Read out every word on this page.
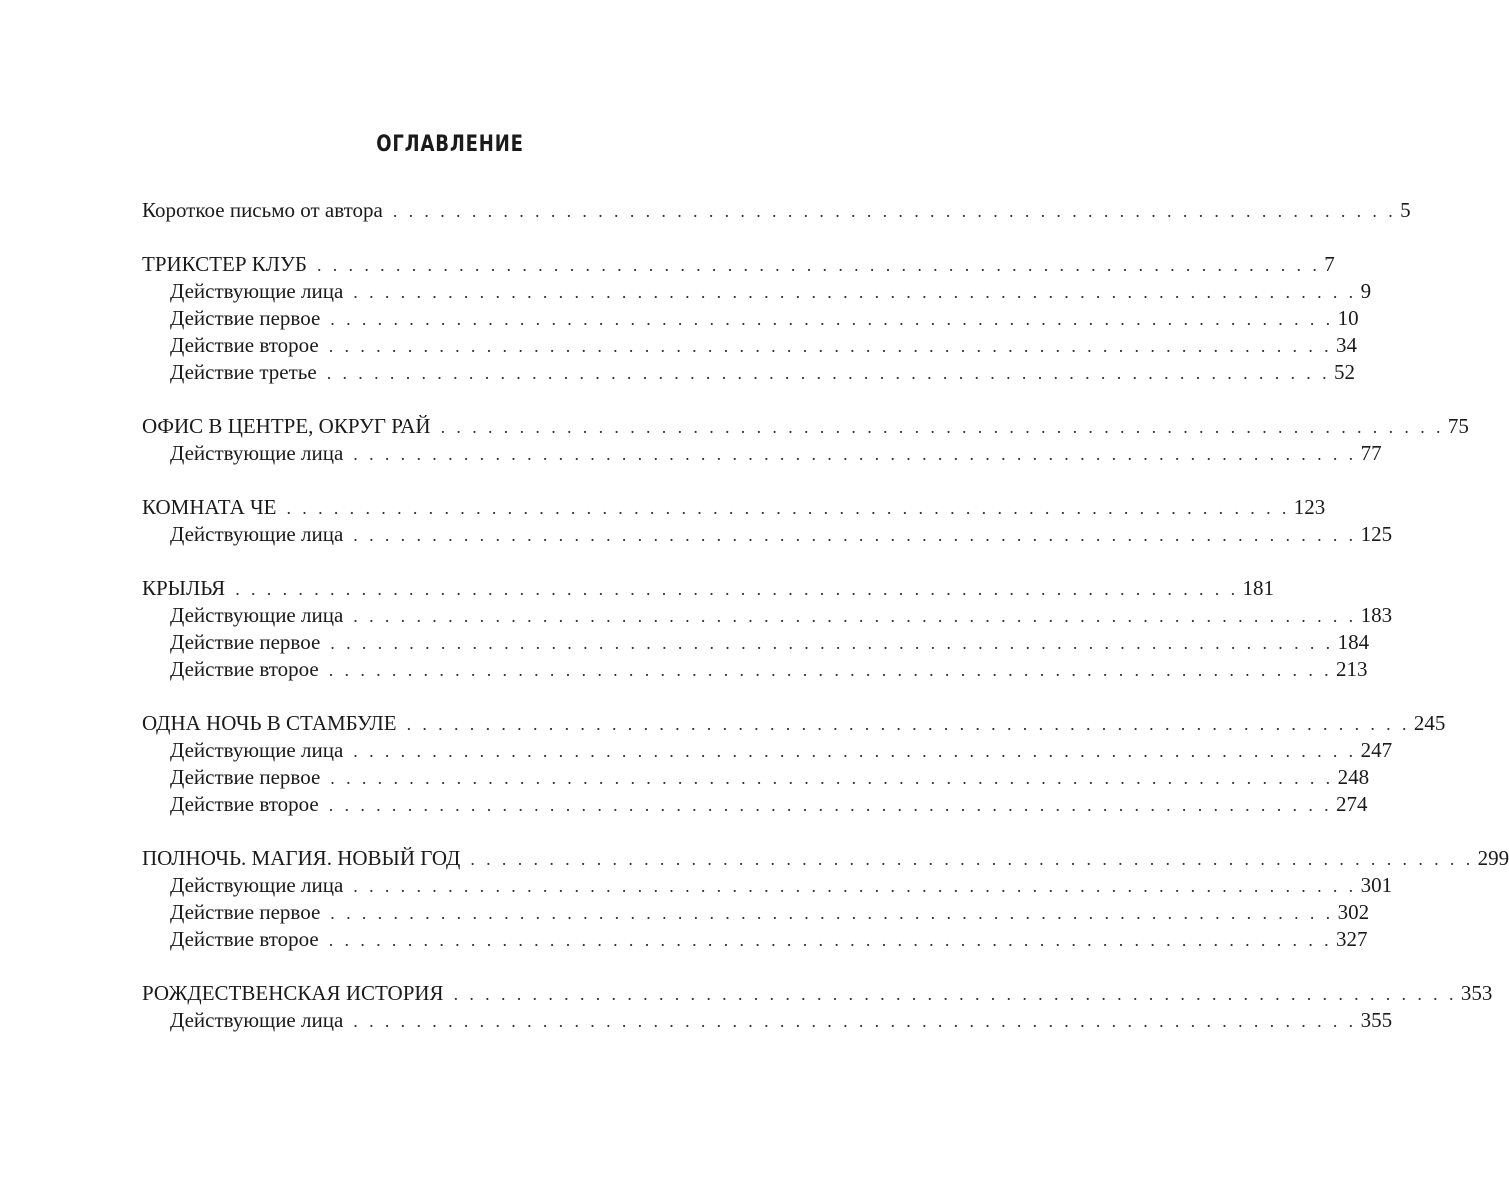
ОГЛАВЛЕНИЕ
Короткое письмо от автора . . . . . . . . . . . . . . . . . . . . . . . . . . . . . . . . . . . . . . . . . . . . . . . . . . . . . . . . . . . . . . . . 5
ТРИКСТЕР КЛУБ . . . . . . . . . . . . . . . . . . . . . . . . . . . . . . . . . . . . . . . . . . . . . . . . . . . . . . . . . . . . . . . . 7
Действующие лица . . . . . . . . . . . . . . . . . . . . . . . . . . . . . . . . . . . . . . . . . . . . . . . . . . . . . . . . . . . . . . . . 9
Действие первое . . . . . . . . . . . . . . . . . . . . . . . . . . . . . . . . . . . . . . . . . . . . . . . . . . . . . . . . . . . . . . . . 10
Действие второе . . . . . . . . . . . . . . . . . . . . . . . . . . . . . . . . . . . . . . . . . . . . . . . . . . . . . . . . . . . . . . . . 34
Действие третье . . . . . . . . . . . . . . . . . . . . . . . . . . . . . . . . . . . . . . . . . . . . . . . . . . . . . . . . . . . . . . . . 52
ОФИС В ЦЕНТРЕ, ОКРУГ РАЙ . . . . . . . . . . . . . . . . . . . . . . . . . . . . . . . . . . . . . . . . . . . . . . . . . . . . . . . . . . . . . . . . 75
Действующие лица . . . . . . . . . . . . . . . . . . . . . . . . . . . . . . . . . . . . . . . . . . . . . . . . . . . . . . . . . . . . . . . . 77
КОМНАТА ЧЕ . . . . . . . . . . . . . . . . . . . . . . . . . . . . . . . . . . . . . . . . . . . . . . . . . . . . . . . . . . . . . . . . 123
Действующие лица . . . . . . . . . . . . . . . . . . . . . . . . . . . . . . . . . . . . . . . . . . . . . . . . . . . . . . . . . . . . . . . . 125
КРЫЛЬЯ . . . . . . . . . . . . . . . . . . . . . . . . . . . . . . . . . . . . . . . . . . . . . . . . . . . . . . . . . . . . . . . . 181
Действующие лица . . . . . . . . . . . . . . . . . . . . . . . . . . . . . . . . . . . . . . . . . . . . . . . . . . . . . . . . . . . . . . . . 183
Действие первое . . . . . . . . . . . . . . . . . . . . . . . . . . . . . . . . . . . . . . . . . . . . . . . . . . . . . . . . . . . . . . . . 184
Действие второе . . . . . . . . . . . . . . . . . . . . . . . . . . . . . . . . . . . . . . . . . . . . . . . . . . . . . . . . . . . . . . . . 213
ОДНА НОЧЬ В СТАМБУЛЕ . . . . . . . . . . . . . . . . . . . . . . . . . . . . . . . . . . . . . . . . . . . . . . . . . . . . . . . . . . . . . . . . 245
Действующие лица . . . . . . . . . . . . . . . . . . . . . . . . . . . . . . . . . . . . . . . . . . . . . . . . . . . . . . . . . . . . . . . . 247
Действие первое . . . . . . . . . . . . . . . . . . . . . . . . . . . . . . . . . . . . . . . . . . . . . . . . . . . . . . . . . . . . . . . . 248
Действие второе . . . . . . . . . . . . . . . . . . . . . . . . . . . . . . . . . . . . . . . . . . . . . . . . . . . . . . . . . . . . . . . . 274
ПОЛНОЧЬ. МАГИЯ. НОВЫЙ ГОД . . . . . . . . . . . . . . . . . . . . . . . . . . . . . . . . . . . . . . . . . . . . . . . . . . . . . . . . . . . . . . . . 299
Действующие лица . . . . . . . . . . . . . . . . . . . . . . . . . . . . . . . . . . . . . . . . . . . . . . . . . . . . . . . . . . . . . . . . 301
Действие первое . . . . . . . . . . . . . . . . . . . . . . . . . . . . . . . . . . . . . . . . . . . . . . . . . . . . . . . . . . . . . . . . 302
Действие второе . . . . . . . . . . . . . . . . . . . . . . . . . . . . . . . . . . . . . . . . . . . . . . . . . . . . . . . . . . . . . . . . 327
РОЖДЕСТВЕНСКАЯ ИСТОРИЯ . . . . . . . . . . . . . . . . . . . . . . . . . . . . . . . . . . . . . . . . . . . . . . . . . . . . . . . . . . . . . . . . 353
Действующие лица . . . . . . . . . . . . . . . . . . . . . . . . . . . . . . . . . . . . . . . . . . . . . . . . . . . . . . . . . . . . . . . . 355
